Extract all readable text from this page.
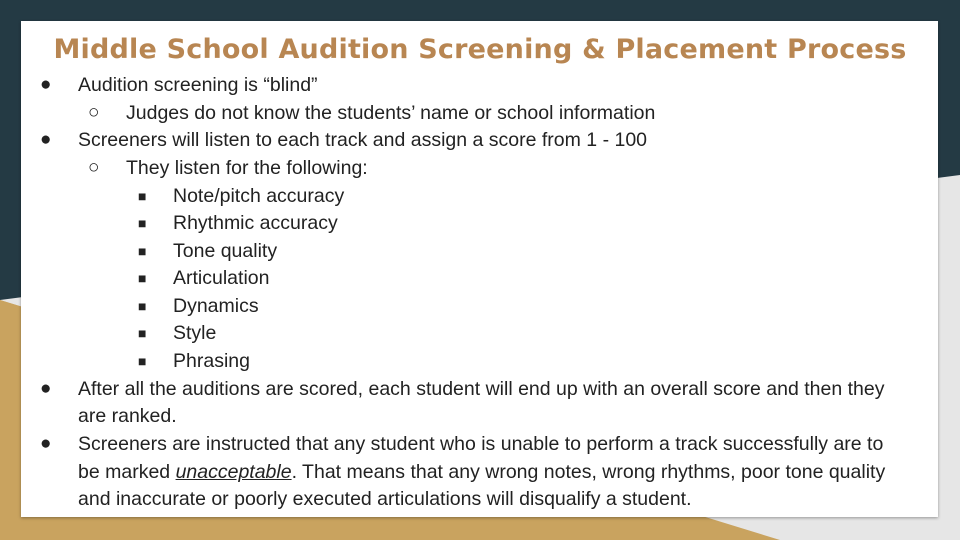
Middle School Audition Screening & Placement Process
● Audition screening is “blind”
○ Judges do not know the students’ name or school information
● Screeners will listen to each track and assign a score from 1 - 100
○ They listen for the following:
■ Note/pitch accuracy
■ Rhythmic accuracy
■ Tone quality
■ Articulation
■ Dynamics
■ Style
■ Phrasing
● After all the auditions are scored, each student will end up with an overall score and then they
are ranked.
● Screeners are instructed that any student who is unable to perform a track successfully are to
be marked unacceptable. That means that any wrong notes, wrong rhythms, poor tone quality
and inaccurate or poorly executed articulations will disqualify a student.
